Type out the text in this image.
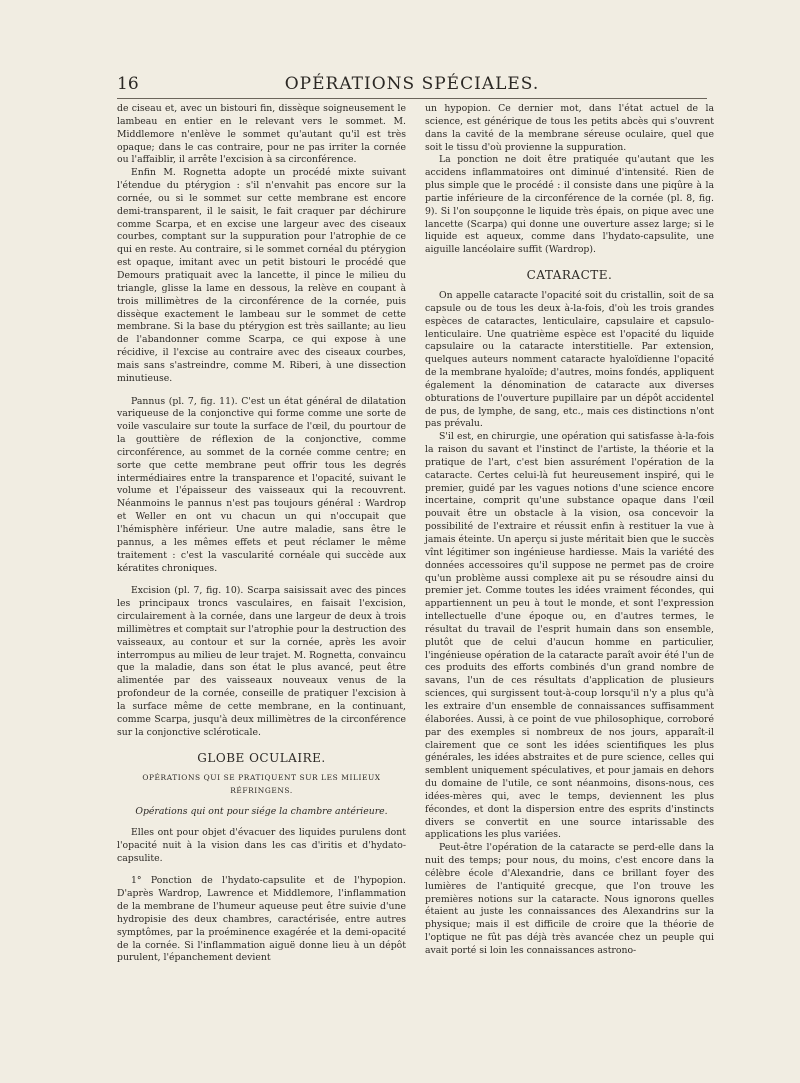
16	OPÉRATIONS SPÉCIALES.

de ciseau et, avec un bistouri fin, dissèque soigneusement le lambeau en entier en le relevant vers le sommet. M. Middlemore n'enlève le sommet qu'autant qu'il est très opaque; dans le cas contraire, pour ne pas irriter la cornée ou l'affaiblir, il arrête l'excision à sa circonférence.

Enfin M. Rognetta adopte un procédé mixte suivant l'étendue du ptérygion : s'il n'envahit pas encore sur la cornée, ou si le sommet sur cette membrane est encore demi-transparent, il le saisit, le fait craquer par déchirure comme Scarpa, et en excise une largeur avec des ciseaux courbes, comptant sur la suppuration pour l'atrophie de ce qui en reste. Au contraire, si le sommet cornéal du ptérygion est opaque, imitant avec un petit bistouri le procédé que Demours pratiquait avec la lancette, il pince le milieu du triangle, glisse la lame en dessous, la relève en coupant à trois millimètres de la circonférence de la cornée, puis dissèque exactement le lambeau sur le sommet de cette membrane. Si la base du ptérygion est très saillante; au lieu de l'abandonner comme Scarpa, ce qui expose à une récidive, il l'excise au contraire avec des ciseaux courbes, mais sans s'astreindre, comme M. Riberi, à une dissection minutieuse.

Pannus (pl. 7, fig. 11). C'est un état général de dilatation variqueuse de la conjonctive qui forme comme une sorte de voile vasculaire sur toute la surface de l'œil, du pourtour de la gouttière de réflexion de la conjonctive, comme circonférence, au sommet de la cornée comme centre; en sorte que cette membrane peut offrir tous les degrés intermédiaires entre la transparence et l'opacité, suivant le volume et l'épaisseur des vaisseaux qui la recouvrent. Néanmoins le pannus n'est pas toujours général : Wardrop et Weller en ont vu chacun un qui n'occupait que l'hémisphère inférieur. Une autre maladie, sans être le pannus, a les mêmes effets et peut réclamer le même traitement : c'est la vascularité cornéale qui succède aux kératites chroniques.

Excision (pl. 7, fig. 10). Scarpa saisissait avec des pinces les principaux troncs vasculaires, en faisait l'excision, circulairement à la cornée, dans une largeur de deux à trois millimètres et comptait sur l'atrophie pour la destruction des vaisseaux, au contour et sur la cornée, après les avoir interrompus au milieu de leur trajet. M. Rognetta, convaincu que la maladie, dans son état le plus avancé, peut être alimentée par des vaisseaux nouveaux venus de la profondeur de la cornée, conseille de pratiquer l'excision à la surface même de cette membrane, en la continuant, comme Scarpa, jusqu'à deux millimètres de la circonférence sur la conjonctive scléroticale.

GLOBE OCULAIRE.
OPÉRATIONS QUI SE PRATIQUENT SUR LES MILIEUX RÉFRINGENS.
Opérations qui ont pour siége la chambre antérieure.

Elles ont pour objet d'évacuer des liquides purulens dont l'opacité nuit à la vision dans les cas d'iritis et d'hydato-capsulite.

1° Ponction de l'hydato-capsulite et de l'hypopion. D'après Wardrop, Lawrence et Middlemore, l'inflammation de la membrane de l'humeur aqueuse peut être suivie d'une hydropisie des deux chambres, caractérisée, entre autres symptômes, par la proéminence exagérée et la demi-opacité de la cornée. Si l'inflammation aiguë donne lieu à un dépôt purulent, l'épanchement devient

un hypopion. Ce dernier mot, dans l'état actuel de la science, est générique de tous les petits abcès qui s'ouvrent dans la cavité de la membrane séreuse oculaire, quel que soit le tissu d'où provienne la suppuration.

La ponction ne doit être pratiquée qu'autant que les accidens inflammatoires ont diminué d'intensité. Rien de plus simple que le procédé : il consiste dans une piqûre à la partie inférieure de la circonférence de la cornée (pl. 8, fig. 9). Si l'on soupçonne le liquide très épais, on pique avec une lancette (Scarpa) qui donne une ouverture assez large; si le liquide est aqueux, comme dans l'hydato-capsulite, une aiguille lancéolaire suffit (Wardrop).

CATARACTE.

On appelle cataracte l'opacité soit du cristallin, soit de sa capsule ou de tous les deux à-la-fois, d'où les trois grandes espèces de cataractes, lenticulaire, capsulaire et capsulo-lenticulaire. Une quatrième espèce est l'opacité du liquide capsulaire ou la cataracte interstitielle. Par extension, quelques auteurs nomment cataracte hyaloïdienne l'opacité de la membrane hyaloïde; d'autres, moins fondés, appliquent également la dénomination de cataracte aux diverses obturations de l'ouverture pupillaire par un dépôt accidentel de pus, de lymphe, de sang, etc., mais ces distinctions n'ont pas prévalu.

S'il est, en chirurgie, une opération qui satisfasse à-la-fois la raison du savant et l'instinct de l'artiste, la théorie et la pratique de l'art, c'est bien assurément l'opération de la cataracte. Certes celui-là fut heureusement inspiré, qui le premier, guidé par les vagues notions d'une science encore incertaine, comprit qu'une substance opaque dans l'œil pouvait être un obstacle à la vision, osa concevoir la possibilité de l'extraire et réussit enfin à restituer la vue à jamais éteinte. Un aperçu si juste méritait bien que le succès vînt légitimer son ingénieuse hardiesse. Mais la variété des données accessoires qu'il suppose ne permet pas de croire qu'un problème aussi complexe ait pu se résoudre ainsi du premier jet. Comme toutes les idées vraiment fécondes, qui appartiennent un peu à tout le monde, et sont l'expression intellectuelle d'une époque ou, en d'autres termes, le résultat du travail de l'esprit humain dans son ensemble, plutôt que de celui d'aucun homme en particulier, l'ingénieuse opération de la cataracte paraît avoir été l'un de ces produits des efforts combinés d'un grand nombre de savans, l'un de ces résultats d'application de plusieurs sciences, qui surgissent tout-à-coup lorsqu'il n'y a plus qu'à les extraire d'un ensemble de connaissances suffisamment élaborées. Aussi, à ce point de vue philosophique, corroboré par des exemples si nombreux de nos jours, apparaît-il clairement que ce sont les idées scientifiques les plus générales, les idées abstraites et de pure science, celles qui semblent uniquement spéculatives, et pour jamais en dehors du domaine de l'utile, ce sont néanmoins, disons-nous, ces idées-mères qui, avec le temps, deviennent les plus fécondes, et dont la dispersion entre des esprits d'instincts divers se convertit en une source intarissable des applications les plus variées.

Peut-être l'opération de la cataracte se perd-elle dans la nuit des temps; pour nous, du moins, c'est encore dans la célèbre école d'Alexandrie, dans ce brillant foyer des lumières de l'antiquité grecque, que l'on trouve les premières notions sur la cataracte. Nous ignorons quelles étaient au juste les connaissances des Alexandrins sur la physique; mais il est difficile de croire que la théorie de l'optique ne fût pas déjà très avancée chez un peuple qui avait porté si loin les connaissances astrono-
